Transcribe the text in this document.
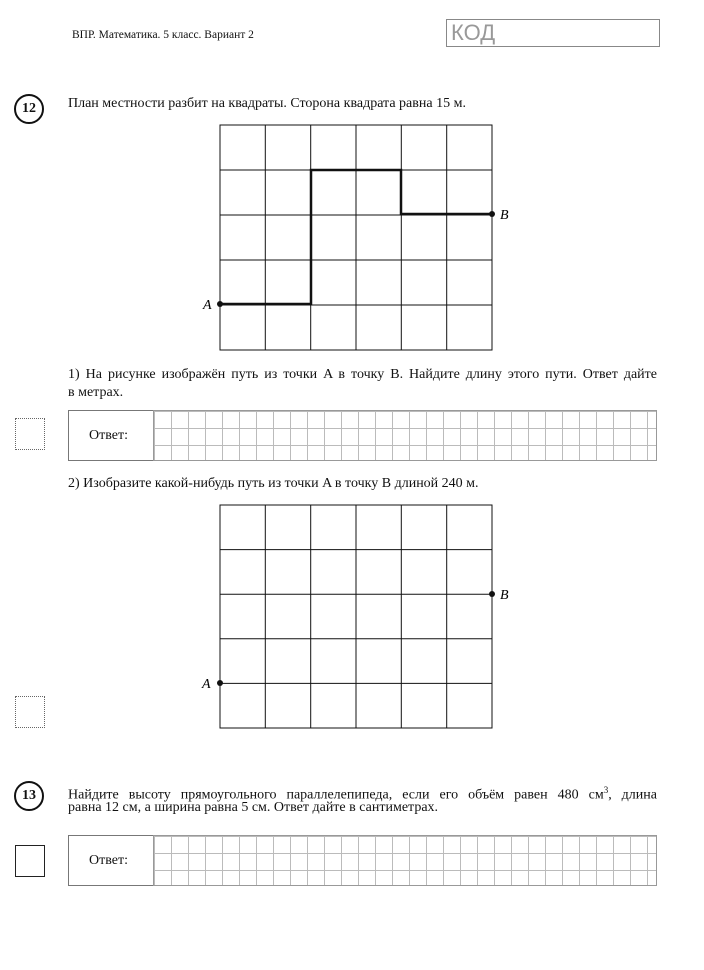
ВПР. Математика. 5 класс. Вариант 2	КОД
12	План местности разбит на квадраты. Сторона квадрата равна 15 м.
A
B
1) На рисунке изображён путь из точки A в точку B. Найдите длину этого пути. Ответ дайте
в метрах.
Ответ:
2) Изобразите какой-нибудь путь из точки A в точку B длиной 240 м.
A
B
13	Найдите высоту прямоугольного параллелепипеда, если его объём равен 480 $см^3$, длина
равна 12 см, а ширина равна 5 см. Ответ дайте в сантиметрах.
Ответ:
